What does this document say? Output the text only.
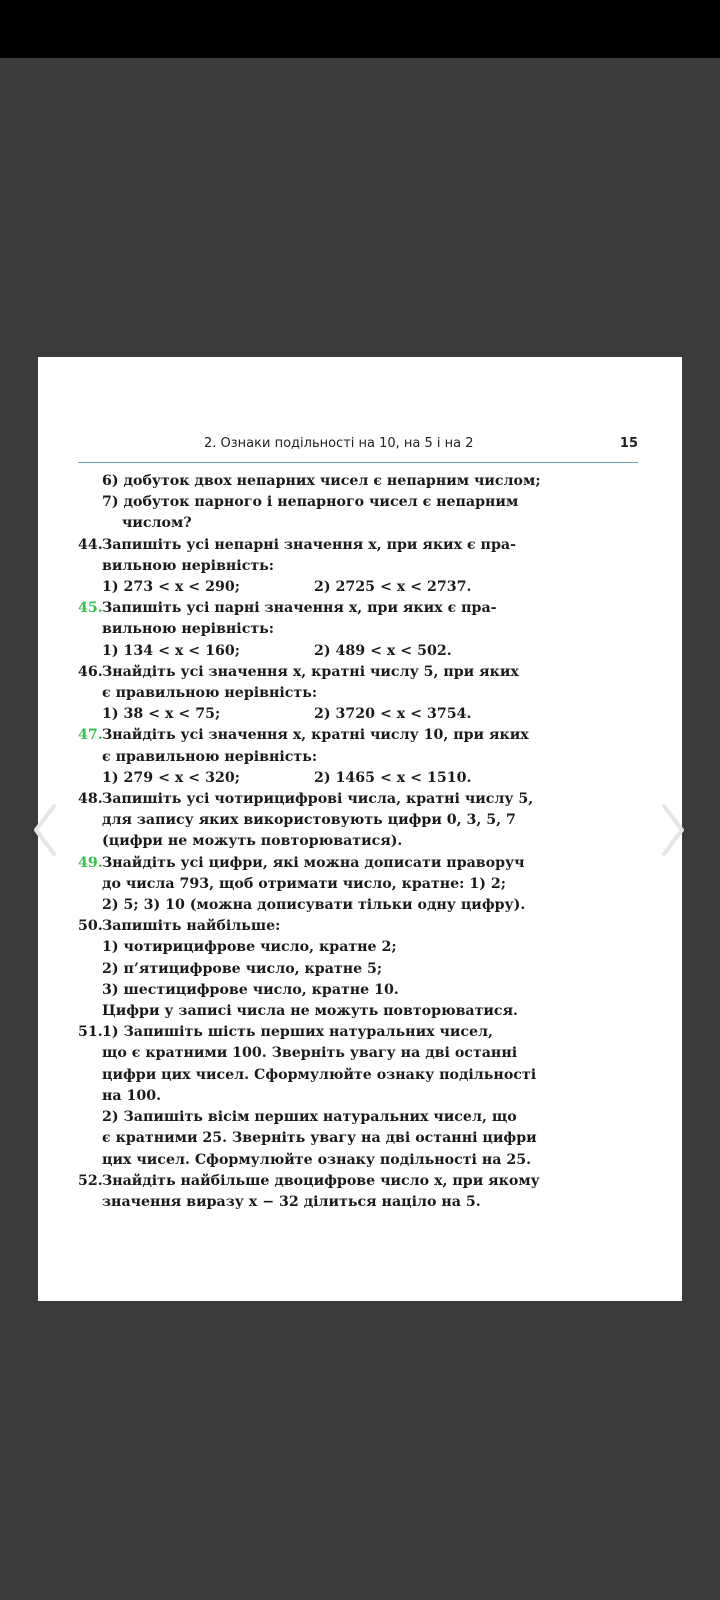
2. Ознаки подільності на 10, на 5 і на 2	15
6) добуток двох непарних чисел є непарним числом;
7) добуток парного і непарного чисел є непарним
числом?
44.Запишіть усі непарні значення x, при яких є пра-
вильною нерівність:
1) 273 < x < 290;	2) 2725 < x < 2737.
45.Запишіть усі парні значення x, при яких є пра-
вильною нерівність:
1) 134 < x < 160;	2) 489 < x < 502.
46.Знайдіть усі значення x, кратні числу 5, при яких
є правильною нерівність:
1) 38 < x < 75;	2) 3720 < x < 3754.
47.Знайдіть усі значення x, кратні числу 10, при яких
є правильною нерівність:
1) 279 < x < 320;	2) 1465 < x < 1510.
48.Запишіть усі чотирицифрові числа, кратні числу 5,
для запису яких використовують цифри 0, 3, 5, 7
(цифри не можуть повторюватися).
49.Знайдіть усі цифри, які можна дописати праворуч
до числа 793, щоб отримати число, кратне: 1) 2;
2) 5; 3) 10 (можна дописувати тільки одну цифру).
50.Запишіть найбільше:
1) чотирицифрове число, кратне 2;
2) п’ятицифрове число, кратне 5;
3) шестицифрове число, кратне 10.
Цифри у записі числа не можуть повторюватися.
51.1) Запишіть шість перших натуральних чисел,
що є кратними 100. Зверніть увагу на дві останні
цифри цих чисел. Сформулюйте ознаку подільності
на 100.
2) Запишіть вісім перших натуральних чисел, що
є кратними 25. Зверніть увагу на дві останні цифри
цих чисел. Сформулюйте ознаку подільності на 25.
52.Знайдіть найбільше двоцифрове число x, при якому
значення виразу x − 32 ділиться націло на 5.
